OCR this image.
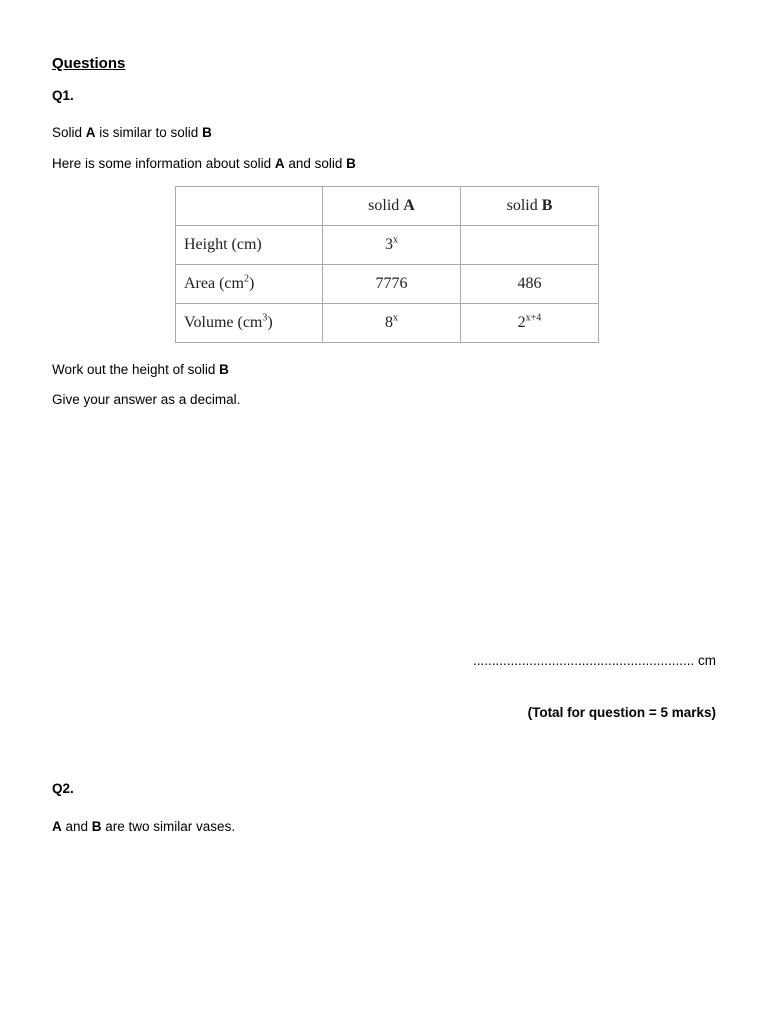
Questions
Q1.
Solid A is similar to solid B
Here is some information about solid A and solid B
	solid A	solid B
Height (cm)	3$^x$	
Area $(cm^2)$	7776	486
Volume $(cm^3)$	8$^x$	$2^{x+4}$
Work out the height of solid B
Give your answer as a decimal.
........................................................... cm
(Total for question = 5 marks)
Q2.
A and B are two similar vases.
